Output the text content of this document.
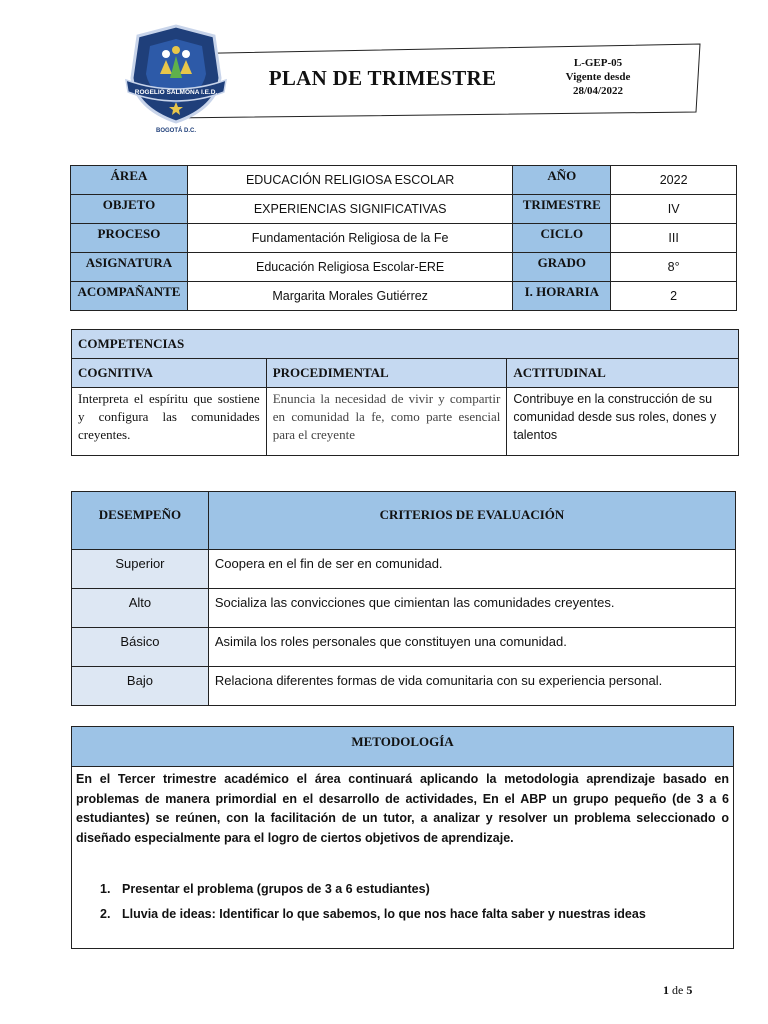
ROGELIO SALMONA I.E.D.
BOGOTÁ D.C.
PLAN DE TRIMESTRE
L-GEP-05
Vigente desde
28/04/2022
ÁREA	EDUCACIÓN RELIGIOSA ESCOLAR	AÑO	2022
OBJETO	EXPERIENCIAS SIGNIFICATIVAS	TRIMESTRE	IV
PROCESO	Fundamentación Religiosa de la Fe	CICLO	III
ASIGNATURA	Educación Religiosa Escolar-ERE	GRADO	8°
ACOMPAÑANTE	Margarita Morales Gutiérrez	I. HORARIA	2
COMPETENCIAS		
COGNITIVA	PROCEDIMENTAL	ACTITUDINAL
Interpreta el espíritu que sostiene y configura las comunidades creyentes.	Enuncia la necesidad de vivir y compartir en comunidad la fe, como parte esencial para el creyente	Contribuye en la construcción de su comunidad desde sus roles, dones y talentos
DESEMPEÑO	CRITERIOS DE EVALUACIÓN
Superior	Coopera en el fin de ser en comunidad.
Alto	Socializa las convicciones que cimientan las comunidades creyentes.
Básico	Asimila los roles personales que constituyen una comunidad.
Bajo	Relaciona diferentes formas de vida comunitaria con su experiencia personal.
METODOLOGÍA
En el Tercer trimestre académico el área continuará aplicando la metodologia aprendizaje basado en problemas de manera primordial en el desarrollo de actividades, En el ABP un grupo pequeño (de 3 a 6 estudiantes) se reúnen, con la facilitación de un tutor, a analizar y resolver un problema seleccionado o diseñado especialmente para el logro de ciertos objetivos de aprendizaje.
1. Presentar el problema (grupos de 3 a 6 estudiantes)
2. Lluvia de ideas: Identificar lo que sabemos, lo que nos hace falta saber y nuestras ideas
1 de 5
